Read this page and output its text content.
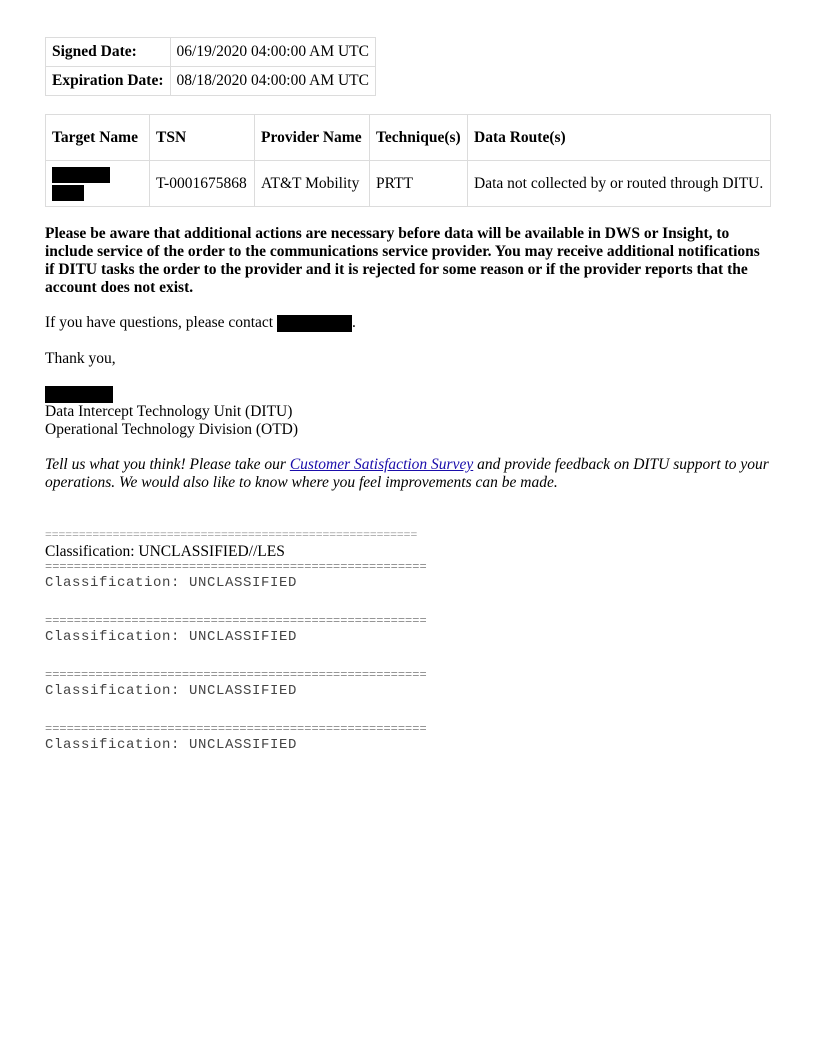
Signed Date:	06/19/2020 04:00:00 AM UTC
Expiration Date:	08/18/2020 04:00:00 AM UTC
Target Name	TSN	Provider Name	Technique(s)	Data Route(s)

	T-0001675868	AT&T Mobility	PRTT	Data not collected by or routed through DITU.

Please be aware that additional actions are necessary before data will be available in DWS or Insight, to include service of the order to the communications service provider. You may receive additional notifications if DITU tasks the order to the provider and it is rejected for some reason or if the provider reports that the account does not exist.

If you have questions, please contact	.

Thank you,

Data Intercept Technology Unit (DITU)
Operational Technology Division (OTD)

Tell us what you think! Please take our Customer Satisfaction Survey and provide feedback on DITU support to your operations. We would also like to know where you feel improvements can be made.

=======================================================
Classification: UNCLASSIFIED//LES
=====================================================
Classification: UNCLASSIFIED
=====================================================
Classification: UNCLASSIFIED
=====================================================
Classification: UNCLASSIFIED
=====================================================
Classification: UNCLASSIFIED
